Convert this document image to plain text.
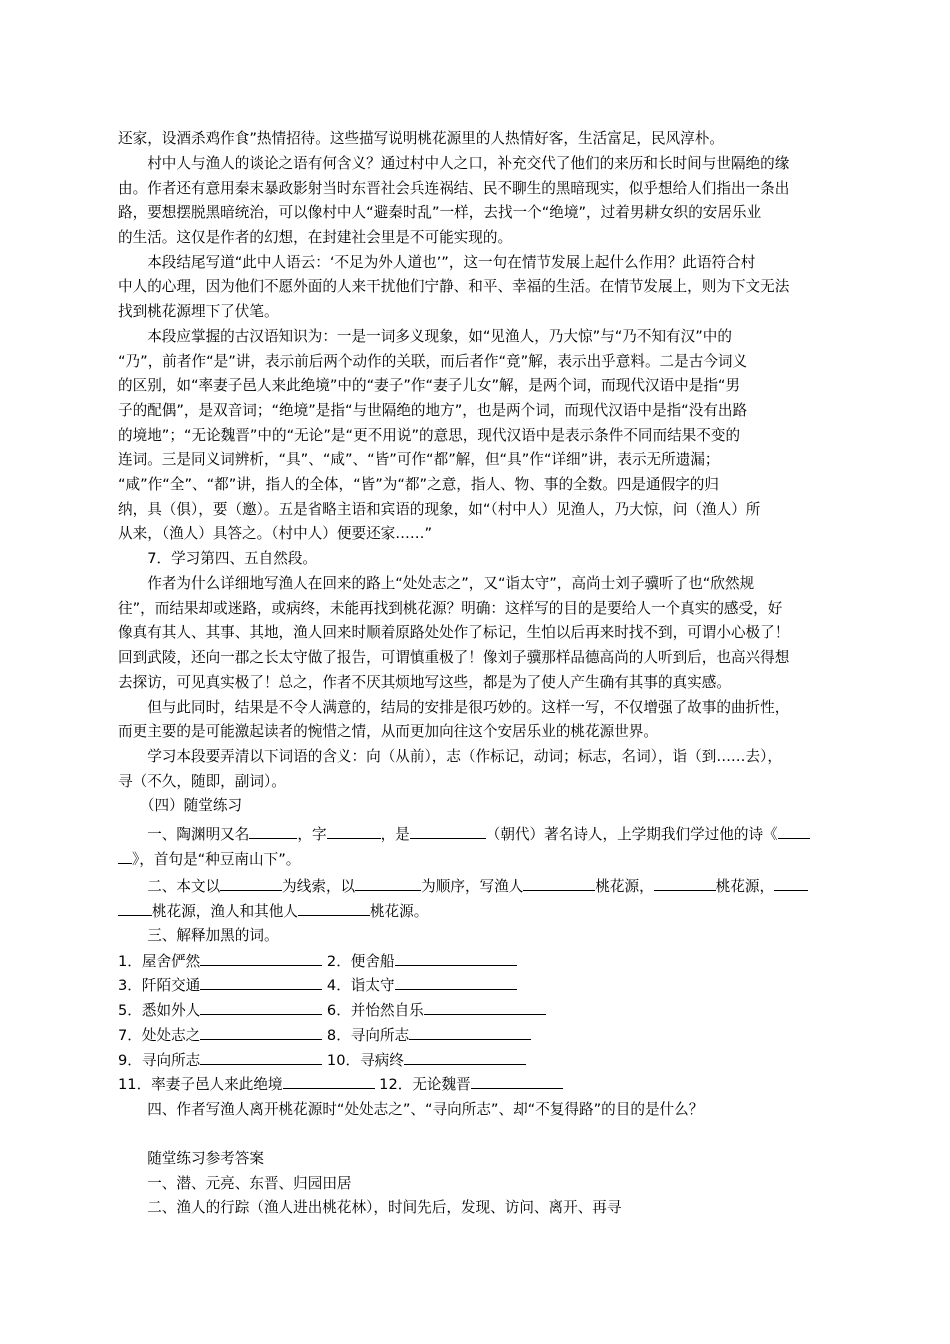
还家，设酒杀鸡作食”热情招待。这些描写说明桃花源里的人热情好客，生活富足，民风淳朴。
　　村中人与渔人的谈论之语有何含义？通过村中人之口，补充交代了他们的来历和长时间与世隔绝的缘
由。作者还有意用秦末暴政影射当时东晋社会兵连祸结、民不聊生的黑暗现实，似乎想给人们指出一条出
路，要想摆脱黑暗统治，可以像村中人“避秦时乱”一样，去找一个“绝境”，过着男耕女织的安居乐业
的生活。这仅是作者的幻想，在封建社会里是不可能实现的。
　　本段结尾写道“此中人语云：‘不足为外人道也’”，这一句在情节发展上起什么作用？此语符合村
中人的心理，因为他们不愿外面的人来干扰他们宁静、和平、幸福的生活。在情节发展上，则为下文无法
找到桃花源埋下了伏笔。
　　本段应掌握的古汉语知识为：一是一词多义现象，如“见渔人，乃大惊”与“乃不知有汉”中的
“乃”，前者作“是”讲，表示前后两个动作的关联，而后者作“竟”解，表示出乎意料。二是古今词义
的区别，如“率妻子邑人来此绝境”中的“妻子”作“妻子儿女”解，是两个词，而现代汉语中是指“男
子的配偶”，是双音词；“绝境”是指“与世隔绝的地方”，也是两个词，而现代汉语中是指“没有出路
的境地”；“无论魏晋”中的“无论”是“更不用说”的意思，现代汉语中是表示条件不同而结果不变的
连词。三是同义词辨析，“具”、“咸”、“皆”可作“都”解，但“具”作“详细”讲，表示无所遗漏；
“咸”作“全”、“都”讲，指人的全体，“皆”为“都”之意，指人、物、事的全数。四是通假字的归
纳，具（俱），要（邀）。五是省略主语和宾语的现象，如“（村中人）见渔人，乃大惊，问（渔人）所
从来，（渔人）具答之。（村中人）便要还家……”
　　7．学习第四、五自然段。
　　作者为什么详细地写渔人在回来的路上“处处志之”，又“诣太守”，高尚士刘子骥听了也“欣然规
往”，而结果却或迷路，或病终，未能再找到桃花源？明确：这样写的目的是要给人一个真实的感受，好
像真有其人、其事、其地，渔人回来时顺着原路处处作了标记，生怕以后再来时找不到，可谓小心极了！
回到武陵，还向一郡之长太守做了报告，可谓慎重极了！像刘子骥那样品德高尚的人听到后，也高兴得想
去探访，可见真实极了！总之，作者不厌其烦地写这些，都是为了使人产生确有其事的真实感。
　　但与此同时，结果是不令人满意的，结局的安排是很巧妙的。这样一写，不仅增强了故事的曲折性，
而更主要的是可能激起读者的惋惜之情，从而更加向往这个安居乐业的桃花源世界。
　　学习本段要弄清以下词语的含义：向（从前），志（作标记，动词；标志，名词），诣（到……去），
寻（不久，随即，副词）。
　　（四）随堂练习
　　一、陶渊明又名	，字	，是	（朝代）著名诗人，上学期我们学过他的诗《
》，首句是“种豆南山下”。
　　二、本文以	为线索，以	为顺序，写渔人	桃花源，	桃花源，
桃花源，渔人和其他人	桃花源。
　　三、解释加黑的词。
1．屋舍俨然	2．便舍船
3．阡陌交通	4．诣太守
5．悉如外人	6．并怡然自乐
7．处处志之	8．寻向所志
9．寻向所志	10．寻病终
11．率妻子邑人来此绝境	12．无论魏晋
　　四、作者写渔人离开桃花源时“处处志之”、“寻向所志”、却“不复得路”的目的是什么？
　　随堂练习参考答案
　　一、潜、元亮、东晋、归园田居
　　二、渔人的行踪（渔人进出桃花林），时间先后，发现、访问、离开、再寻
